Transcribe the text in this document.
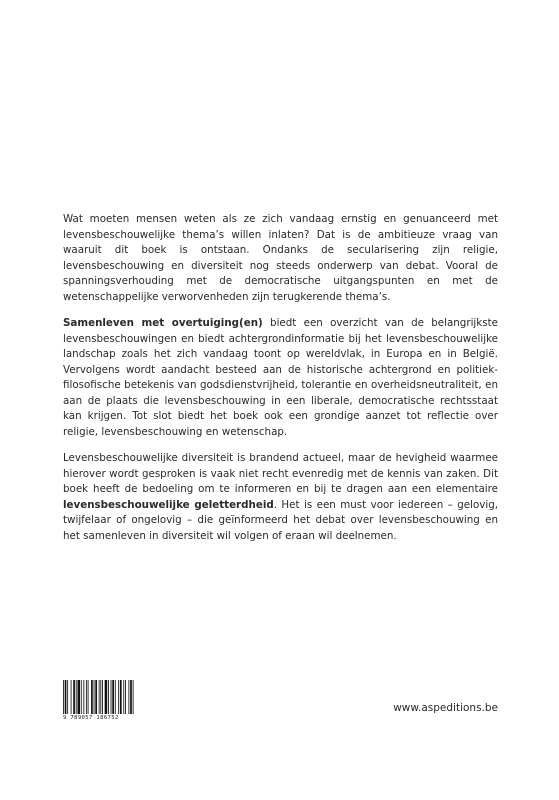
Wat moeten mensen weten als ze zich vandaag ernstig en genuanceerd met levensbeschouwelijke thema’s willen inlaten? Dat is de ambitieuze vraag van waaruit dit boek is ontstaan. Ondanks de secularisering zijn religie, levensbeschouwing en diversiteit nog steeds onderwerp van debat. Vooral de spanningsverhouding met de democratische uitgangspunten en met de wetenschappelijke verworvenheden zijn terugkerende thema’s.

Samenleven met overtuiging(en) biedt een overzicht van de belangrijkste levensbeschouwingen en biedt achtergrondinformatie bij het levensbeschouwelijke landschap zoals het zich vandaag toont op wereldvlak, in Europa en in België. Vervolgens wordt aandacht besteed aan de historische achtergrond en politiek-filosofische betekenis van godsdienstvrijheid, tolerantie en overheidsneutraliteit, en aan de plaats die levensbeschouwing in een liberale, democratische rechtsstaat kan krijgen. Tot slot biedt het boek ook een grondige aanzet tot reflectie over religie, levensbeschouwing en wetenschap.

Levensbeschouwelijke diversiteit is brandend actueel, maar de hevigheid waarmee hierover wordt gesproken is vaak niet recht evenredig met de kennis van zaken. Dit boek heeft de bedoeling om te informeren en bij te dragen aan een elementaire levensbeschouwelijke geletterdheid. Het is een must voor iedereen – gelovig, twijfelaar of ongelovig – die geïnformeerd het debat over levensbeschouwing en het samenleven in diversiteit wil volgen of eraan wil deelnemen.

9 789057 186752
www.aspeditions.be
